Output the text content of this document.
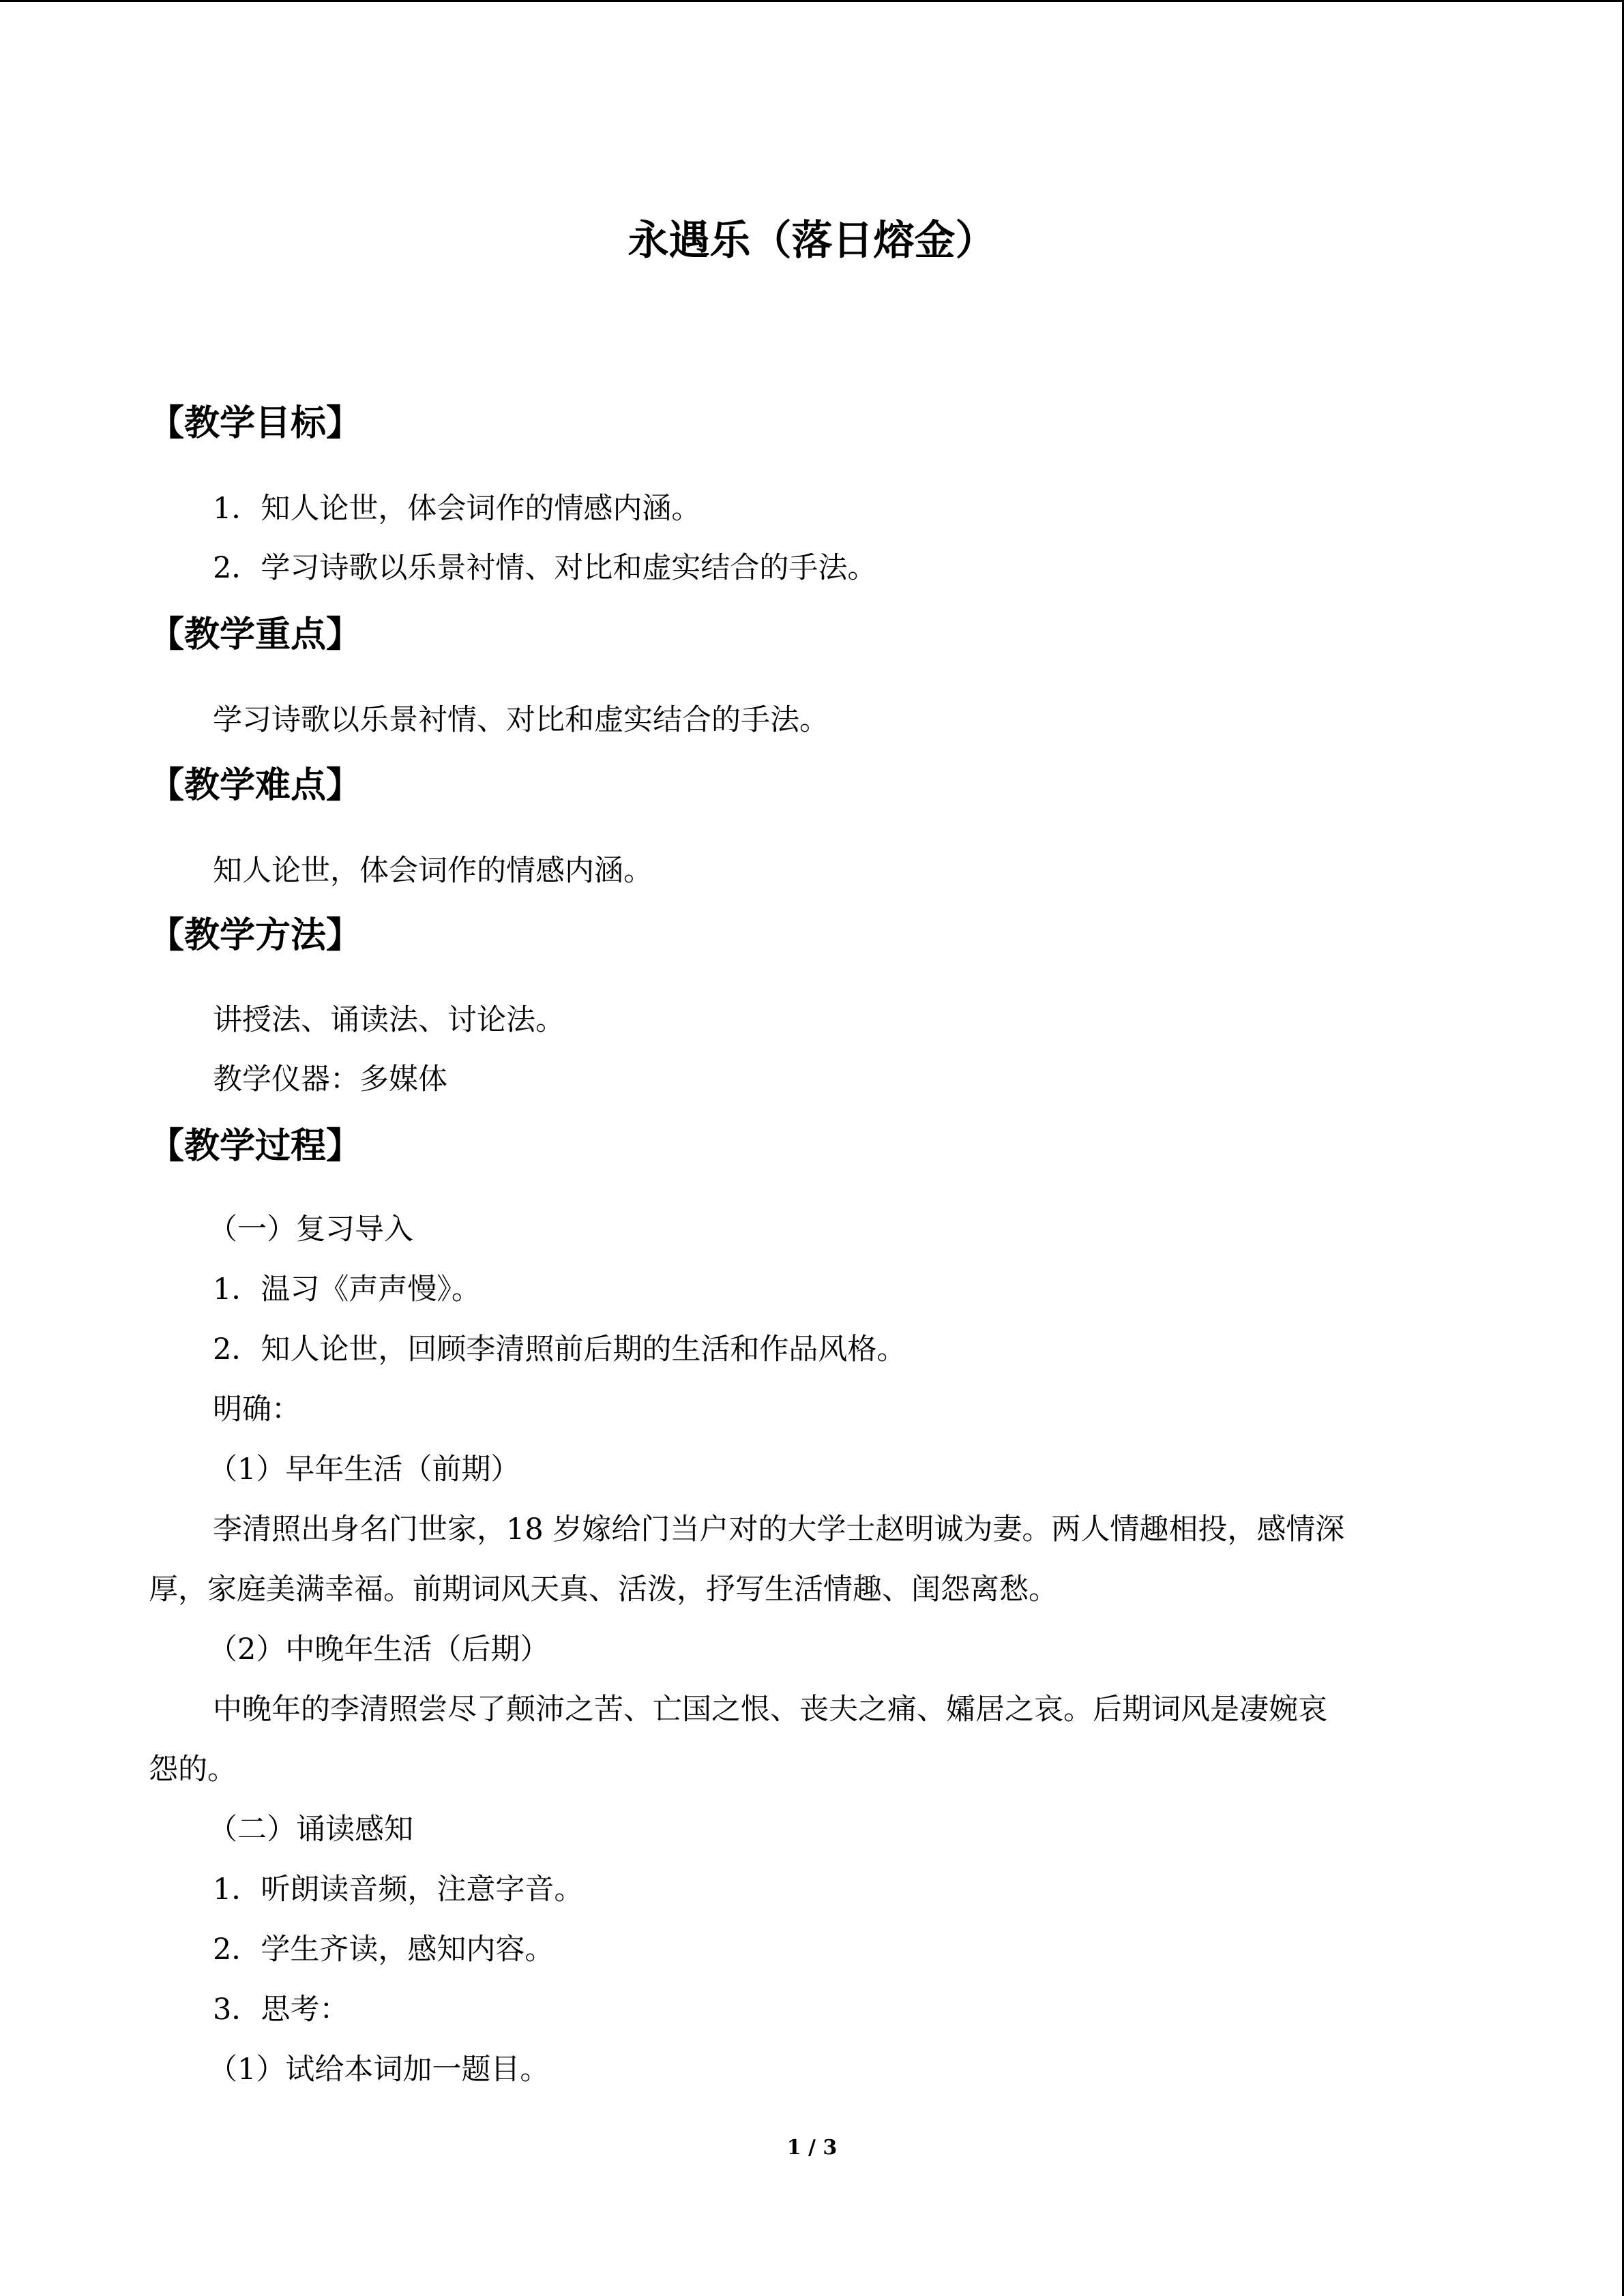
永遇乐（落日熔金）
【教学目标】
1．知人论世，体会词作的情感内涵。
2．学习诗歌以乐景衬情、对比和虚实结合的手法。
【教学重点】
学习诗歌以乐景衬情、对比和虚实结合的手法。
【教学难点】
知人论世，体会词作的情感内涵。
【教学方法】
讲授法、诵读法、讨论法。
教学仪器：多媒体
【教学过程】
（一）复习导入
1．温习《声声慢》。
2．知人论世，回顾李清照前后期的生活和作品风格。
明确：
（1）早年生活（前期）
李清照出身名门世家，18 岁嫁给门当户对的大学士赵明诚为妻。两人情趣相投，感情深
厚，家庭美满幸福。前期词风天真、活泼，抒写生活情趣、闺怨离愁。
（2）中晚年生活（后期）
中晚年的李清照尝尽了颠沛之苦、亡国之恨、丧夫之痛、孀居之哀。后期词风是凄婉哀
怨的。
（二）诵读感知
1．听朗读音频，注意字音。
2．学生齐读，感知内容。
3．思考：
（1）试给本词加一题目。
1 / 3
